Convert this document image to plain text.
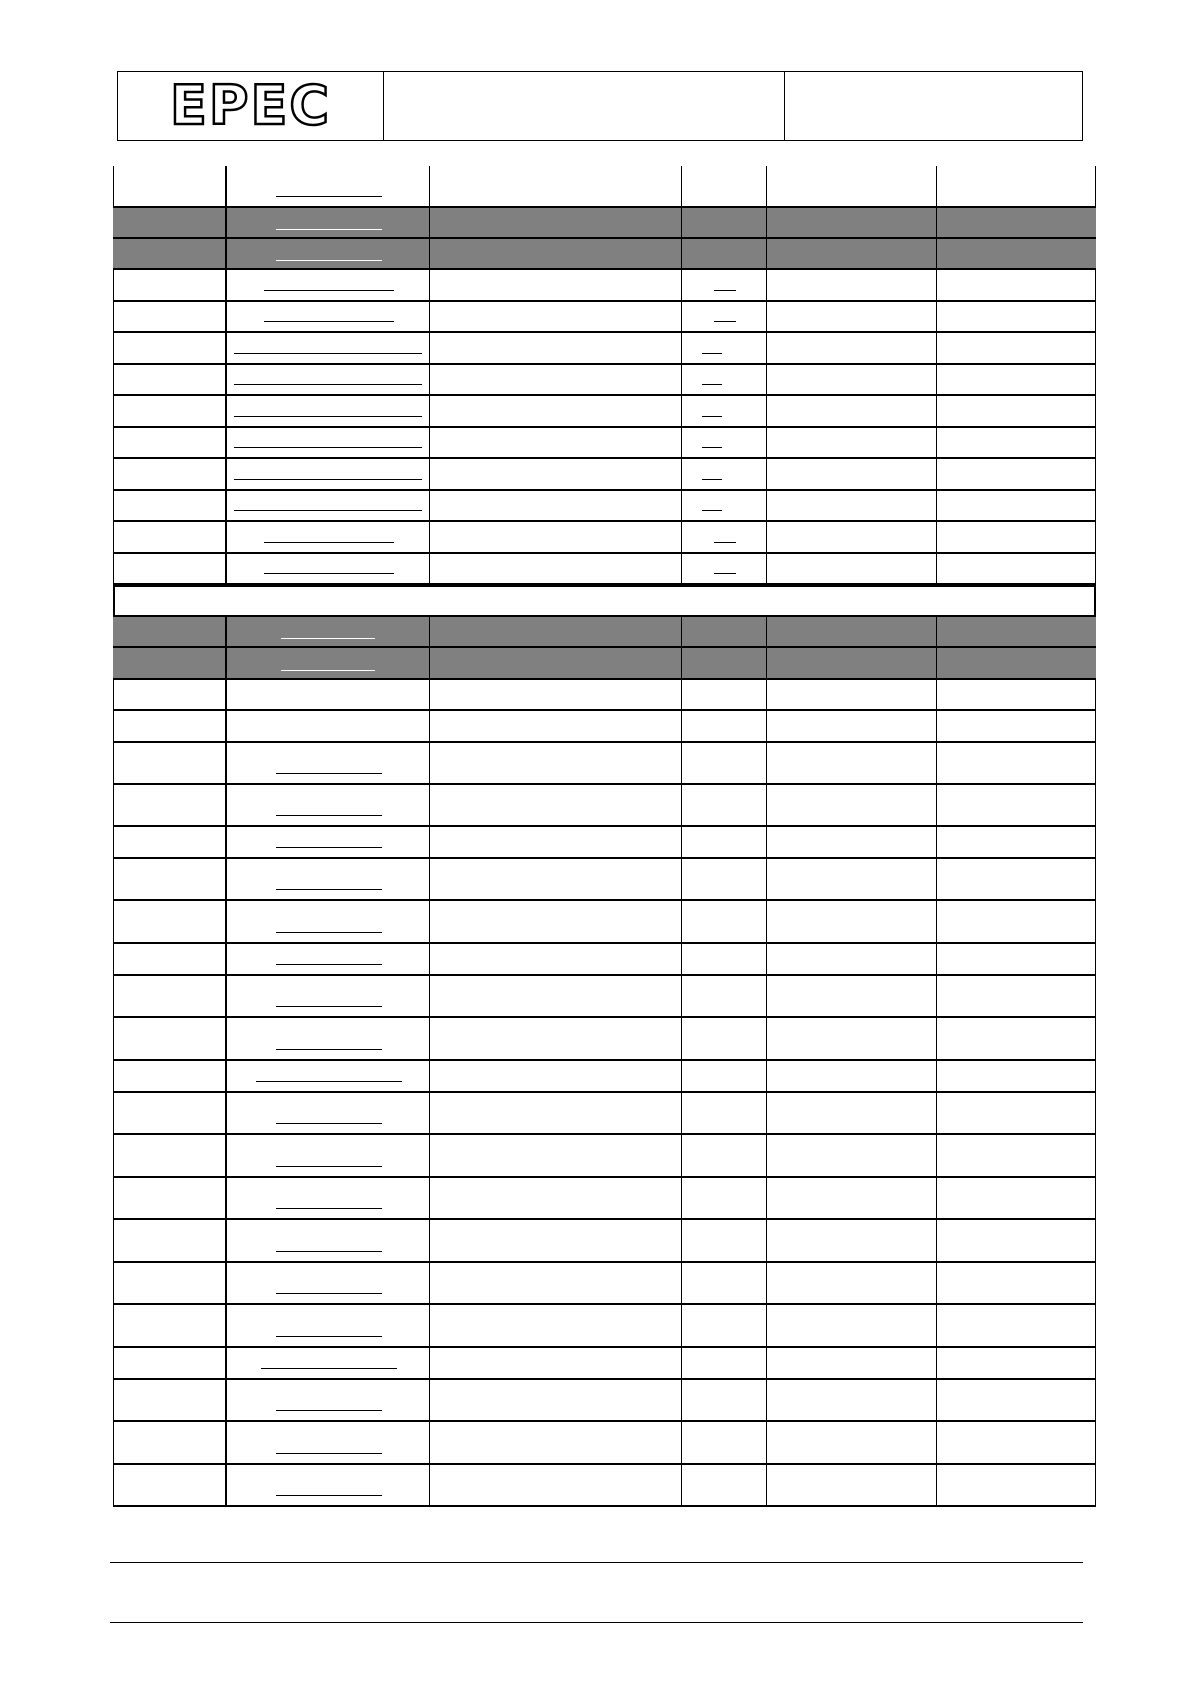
EPEC
